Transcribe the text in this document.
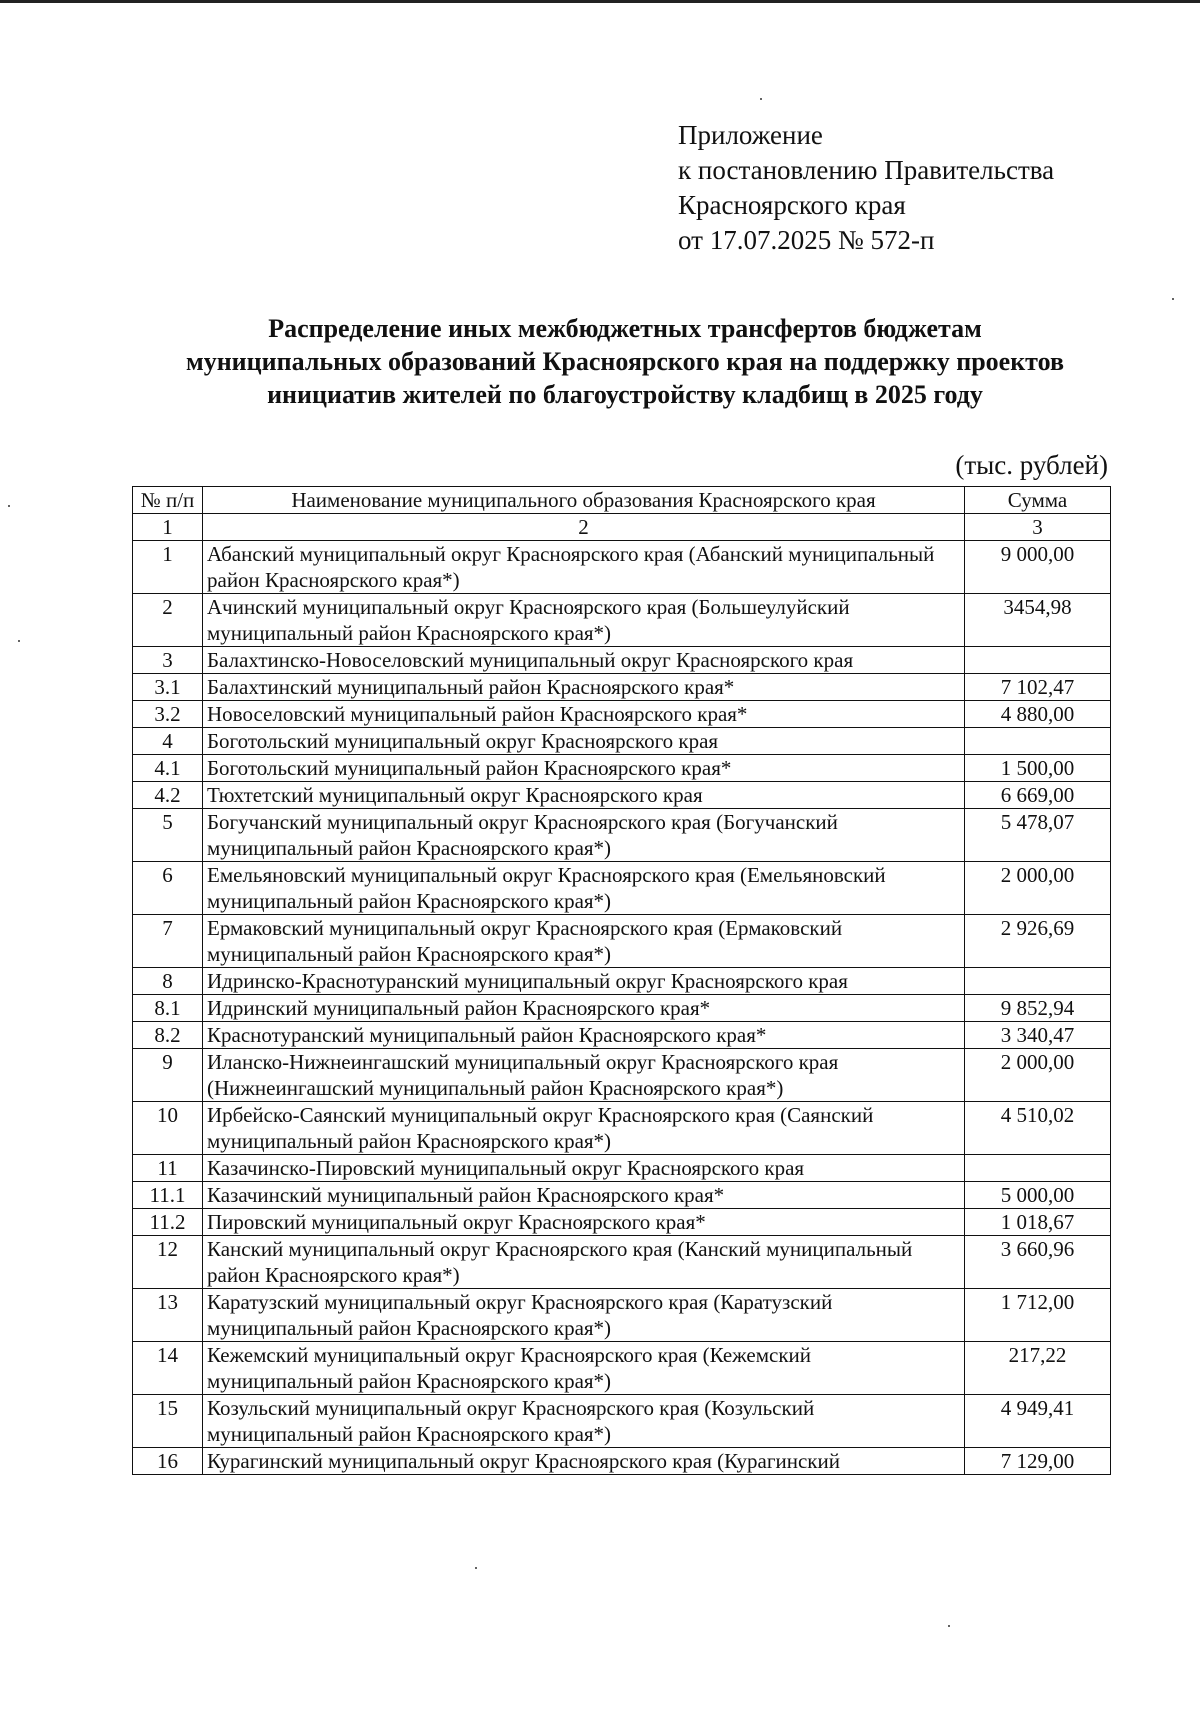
Приложение
к постановлению Правительства
Красноярского края
от 17.07.2025 № 572-п
Распределение иных межбюджетных трансфертов бюджетам
муниципальных образований Красноярского края на поддержку проектов
инициатив жителей по благоустройству кладбищ в 2025 году
(тыс. рублей)
№ п/п	Наименование муниципального образования Красноярского края	Сумма
1	2	3
1	Абанский муниципальный округ Красноярского края (Абанский муниципальный район Красноярского края*)	9 000,00
2	Ачинский муниципальный округ Красноярского края (Большеулуйский муниципальный район Красноярского края*)	3454,98
3	Балахтинско-Новоселовский муниципальный округ Красноярского края	
3.1	Балахтинский муниципальный район Красноярского края*	7 102,47
3.2	Новоселовский муниципальный район Красноярского края*	4 880,00
4	Боготольский муниципальный округ Красноярского края	
4.1	Боготольский муниципальный район Красноярского края*	1 500,00
4.2	Тюхтетский муниципальный округ Красноярского края	6 669,00
5	Богучанский муниципальный округ Красноярского края (Богучанский муниципальный район Красноярского края*)	5 478,07
6	Емельяновский муниципальный округ Красноярского края (Емельяновский муниципальный район Красноярского края*)	2 000,00
7	Ермаковский муниципальный округ Красноярского края (Ермаковский муниципальный район Красноярского края*)	2 926,69
8	Идринско-Краснотуранский муниципальный округ Красноярского края	
8.1	Идринский муниципальный район Красноярского края*	9 852,94
8.2	Краснотуранский муниципальный район Красноярского края*	3 340,47
9	Иланско-Нижнеингашский муниципальный округ Красноярского края (Нижнеингашский муниципальный район Красноярского края*)	2 000,00
10	Ирбейско-Саянский муниципальный округ Красноярского края (Саянский муниципальный район Красноярского края*)	4 510,02
11	Казачинско-Пировский муниципальный округ Красноярского края	
11.1	Казачинский муниципальный район Красноярского края*	5 000,00
11.2	Пировский муниципальный округ Красноярского края*	1 018,67
12	Канский муниципальный округ Красноярского края (Канский муниципальный район Красноярского края*)	3 660,96
13	Каратузский муниципальный округ Красноярского края (Каратузский муниципальный район Красноярского края*)	1 712,00
14	Кежемский муниципальный округ Красноярского края (Кежемский муниципальный район Красноярского края*)	217,22
15	Козульский муниципальный округ Красноярского края (Козульский муниципальный район Красноярского края*)	4 949,41
16	Курагинский муниципальный округ Красноярского края (Курагинский	7 129,00
